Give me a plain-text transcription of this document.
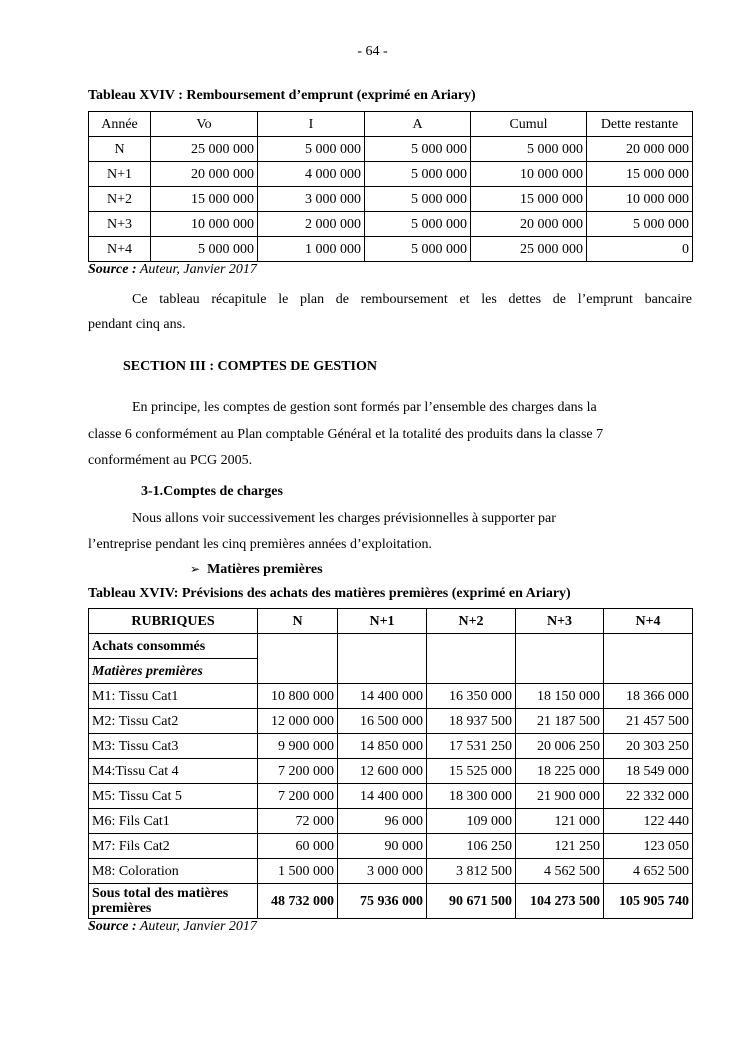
- 64 -
Tableau XVIV : Remboursement d’emprunt (exprimé en Ariary)
Année	Vo	I	A	Cumul	Dette restante
N	25 000 000	5 000 000	5 000 000	5 000 000	20 000 000
N+1	20 000 000	4 000 000	5 000 000	10 000 000	15 000 000
N+2	15 000 000	3 000 000	5 000 000	15 000 000	10 000 000
N+3	10 000 000	2 000 000	5 000 000	20 000 000	5 000 000
N+4	5 000 000	1 000 000	5 000 000	25 000 000	0
Source : Auteur, Janvier 2017
Ce tableau récapitule le plan de remboursement et les dettes de l’emprunt bancaire
pendant cinq ans.
SECTION III : COMPTES DE GESTION
En principe, les comptes de gestion sont formés par l’ensemble des charges dans la
classe 6 conformément au Plan comptable Général et la totalité des produits dans la classe 7
conformément au PCG 2005.
3-1.Comptes de charges
Nous allons voir successivement les charges prévisionnelles à supporter par
l’entreprise pendant les cinq premières années d’exploitation.
➢ Matières premières
Tableau XVIV: Prévisions des achats des matières premières (exprimé en Ariary)
RUBRIQUES	N	N+1	N+2	N+3	N+4
Achats consommés					
Matières premières					
M1: Tissu Cat1	10 800 000	14 400 000	16 350 000	18 150 000	18 366 000
M2: Tissu Cat2	12 000 000	16 500 000	18 937 500	21 187 500	21 457 500
M3: Tissu Cat3	9 900 000	14 850 000	17 531 250	20 006 250	20 303 250
M4:Tissu Cat 4	7 200 000	12 600 000	15 525 000	18 225 000	18 549 000
M5: Tissu Cat 5	7 200 000	14 400 000	18 300 000	21 900 000	22 332 000
M6: Fils Cat1	72 000	96 000	109 000	121 000	122 440
M7: Fils Cat2	60 000	90 000	106 250	121 250	123 050
M8: Coloration	1 500 000	3 000 000	3 812 500	4 562 500	4 652 500
Sous total des matières premières	48 732 000	75 936 000	90 671 500	104 273 500	105 905 740
Source : Auteur, Janvier 2017
